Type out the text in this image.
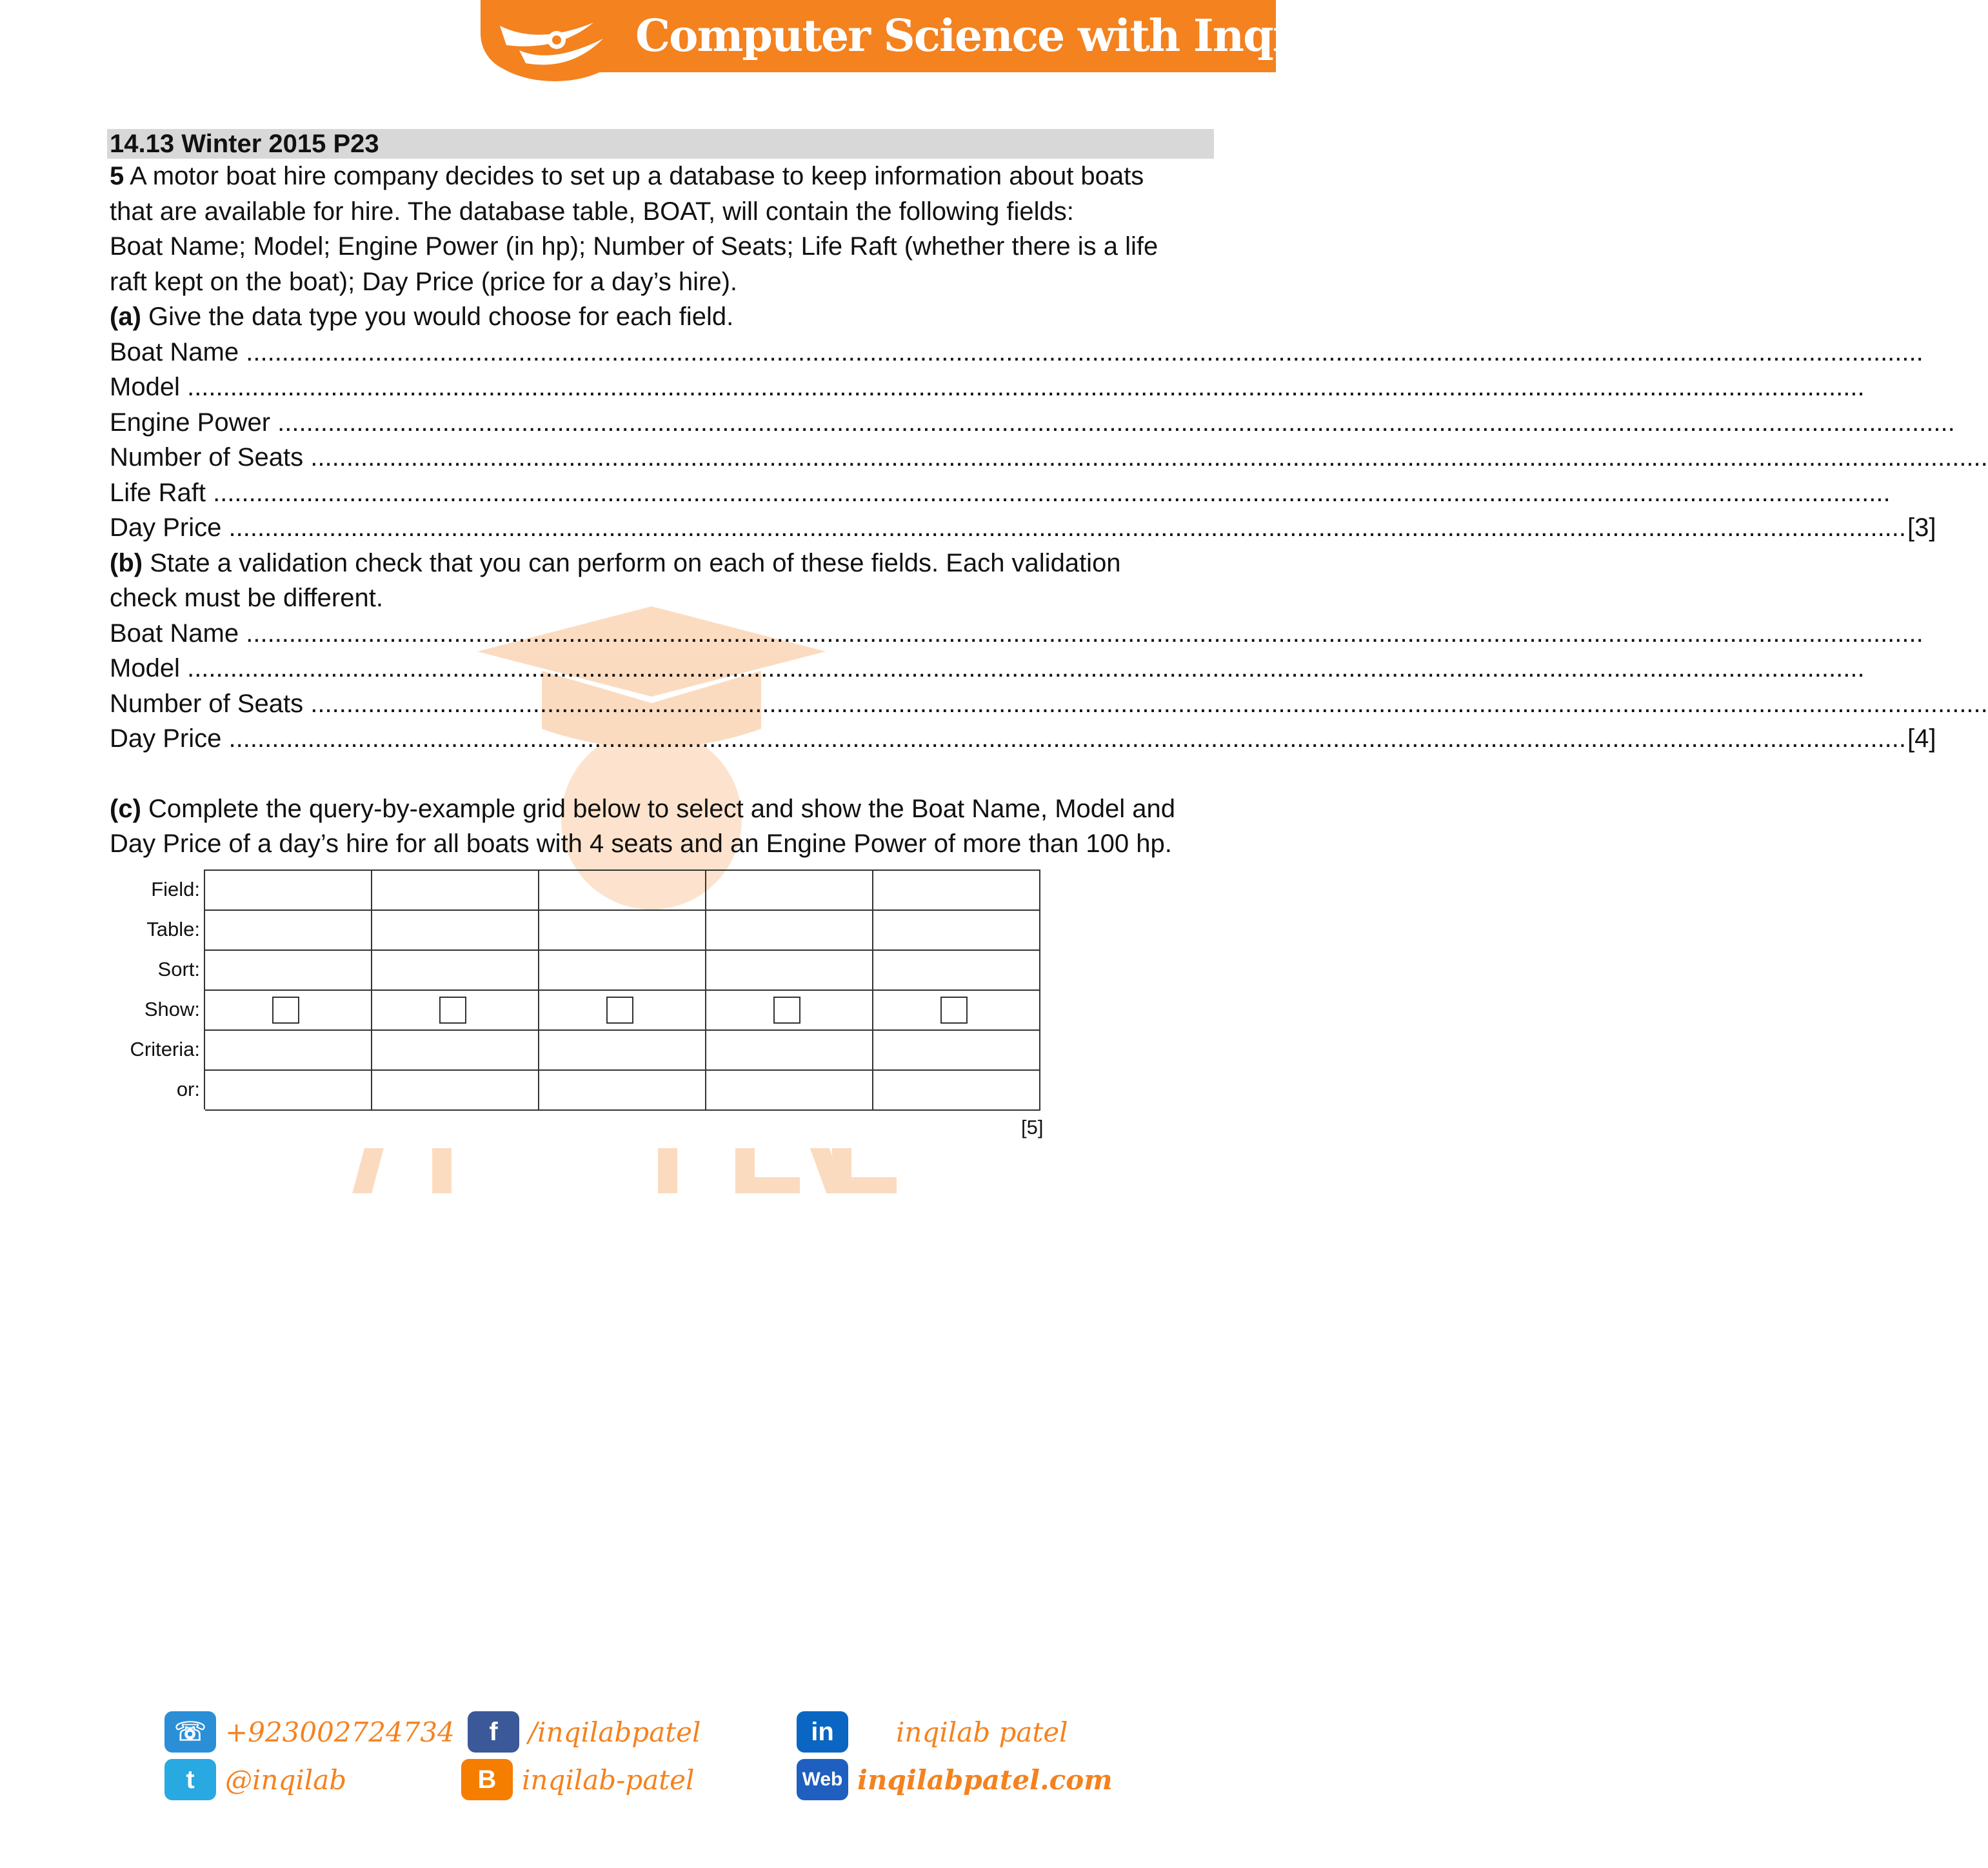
Computer Science with Inqilab Patel
14.13 Winter 2015 P23
5 A motor boat hire company decides to set up a database to keep information about boats
that are available for hire. The database table, BOAT, will contain the following fields:
Boat Name; Model; Engine Power (in hp); Number of Seats; Life Raft (whether there is a life
raft kept on the boat); Day Price (price for a day’s hire).
(a) Give the data type you would choose for each field.
Boat Name
..........................................................................................................................................................................................................................................
Model
..........................................................................................................................................................................................................................................
Engine Power
..........................................................................................................................................................................................................................................
Number of Seats
..........................................................................................................................................................................................................................................
Life Raft
..........................................................................................................................................................................................................................................
Day Price
.......................................................................................................................................................................................................................................... [3]
(b) State a validation check that you can perform on each of these fields. Each validation
check must be different.
Boat Name
..........................................................................................................................................................................................................................................
Model
..........................................................................................................................................................................................................................................
Number of Seats
..........................................................................................................................................................................................................................................
Day Price
.......................................................................................................................................................................................................................................... [4]
(c) Complete the query-by-example grid below to select and show the Boat Name, Model and
Day Price of a day’s hire for all boats with 4 seats and an Engine Power of more than 100 hp.
Field:
Table:
Sort:
Show:
Criteria:
or:
[5]
☏ +923002724734	f	/inqilabpatel	in	inqilab patel
t	@inqilab	B inqilab-patel	Web inqilabpatel.com
